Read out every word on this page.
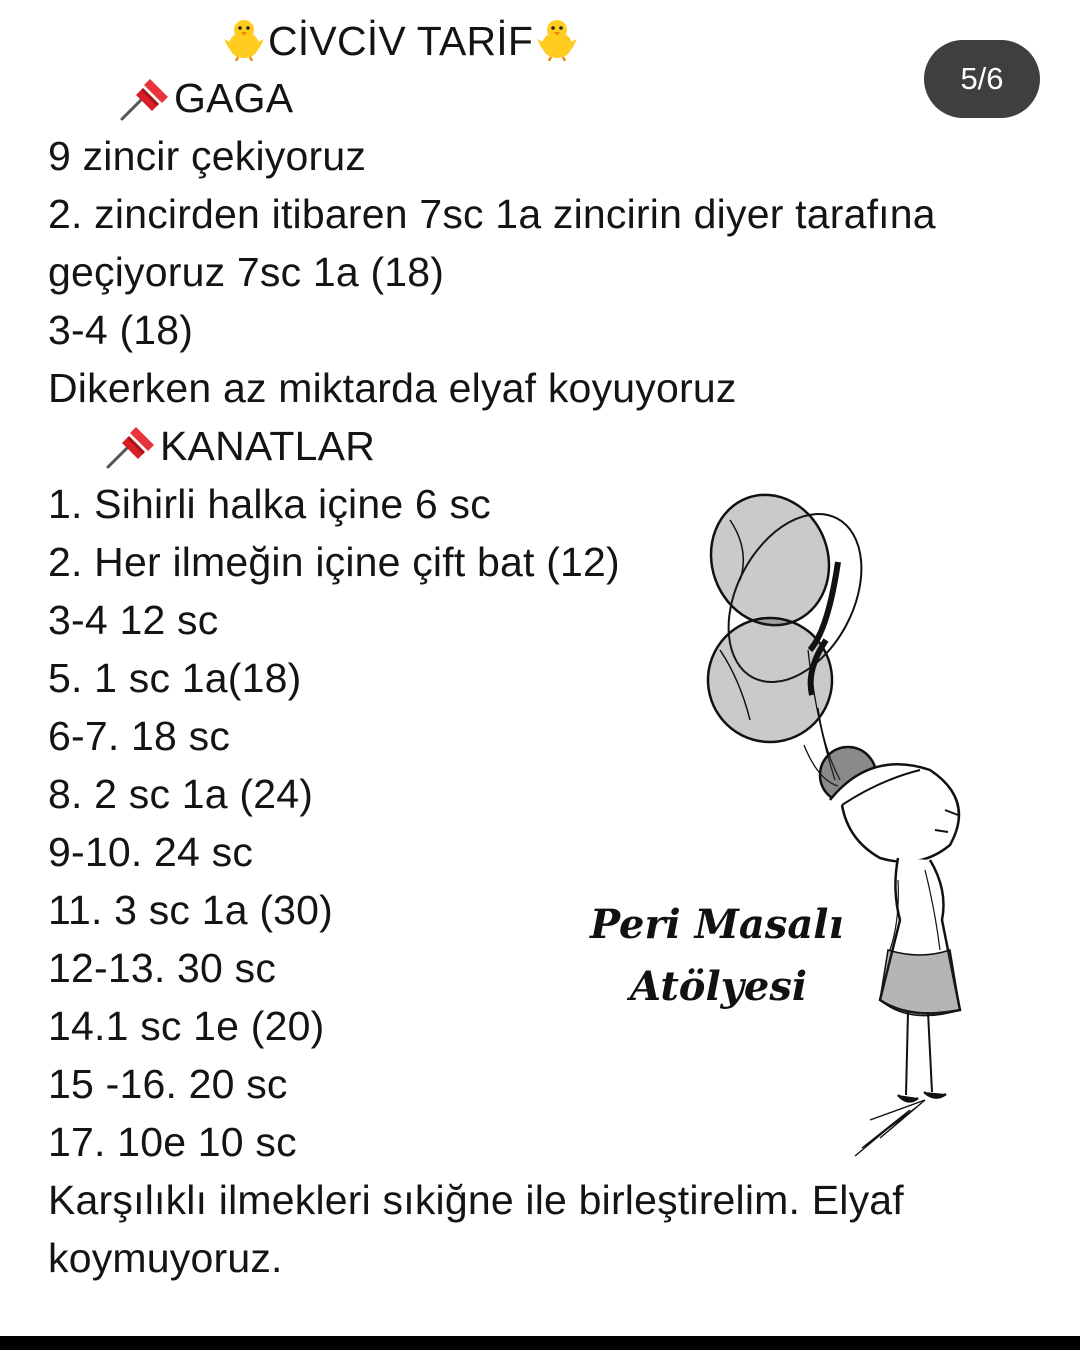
5/6
CİVCİV TARİF
GAGA
9 zincir çekiyoruz
2. zincirden itibaren 7sc 1a zincirin diyer tarafına
geçiyoruz 7sc 1a (18)
3-4 (18)
Dikerken az miktarda elyaf koyuyoruz
KANATLAR
1. Sihirli halka içine 6 sc
2. Her ilmeğin içine çift bat (12)
3-4 12 sc
5. 1 sc 1a(18)
6-7. 18 sc
8. 2 sc 1a (24)
9-10. 24 sc
11. 3 sc 1a (30)
12-13. 30 sc
14.1 sc 1e (20)
15 -16. 20 sc
17. 10e 10 sc
Karşılıklı ilmekleri sıkiğne ile birleştirelim. Elyaf
koymuyoruz.
Peri Masalı
Atölyesi
